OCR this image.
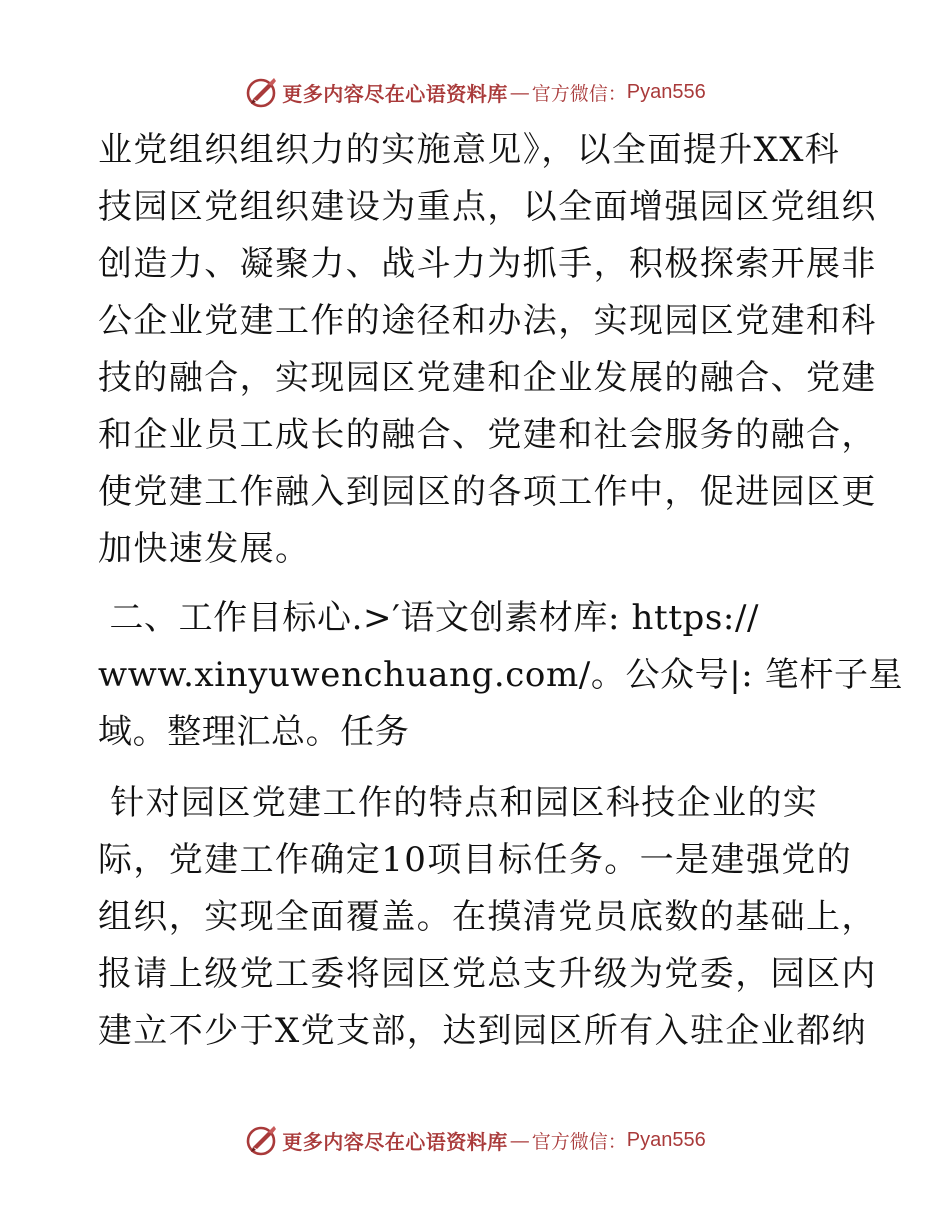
更多内容尽在心语资料库 — 官方微信： Pyan556

业党组织组织力的实施意见》，以全面提升XX科
技园区党组织建设为重点，以全面增强园区党组织
创造力、凝聚力、战斗力为抓手，积极探索开展非
公企业党建工作的途径和办法，实现园区党建和科
技的融合，实现园区党建和企业发展的融合、党建
和企业员工成长的融合、党建和社会服务的融合，
使党建工作融入到园区的各项工作中，促进园区更
加快速发展。

二、工作目标心.>′语文创素材库: https://
www.xinyuwenchuang.com/。公众号|: 笔杆子星
域。整理汇总。任务

针对园区党建工作的特点和园区科技企业的实
际，党建工作确定10项目标任务。一是建强党的
组织，实现全面覆盖。在摸清党员底数的基础上，
报请上级党工委将园区党总支升级为党委，园区内
建立不少于X党支部，达到园区所有入驻企业都纳

更多内容尽在心语资料库 — 官方微信： Pyan556
